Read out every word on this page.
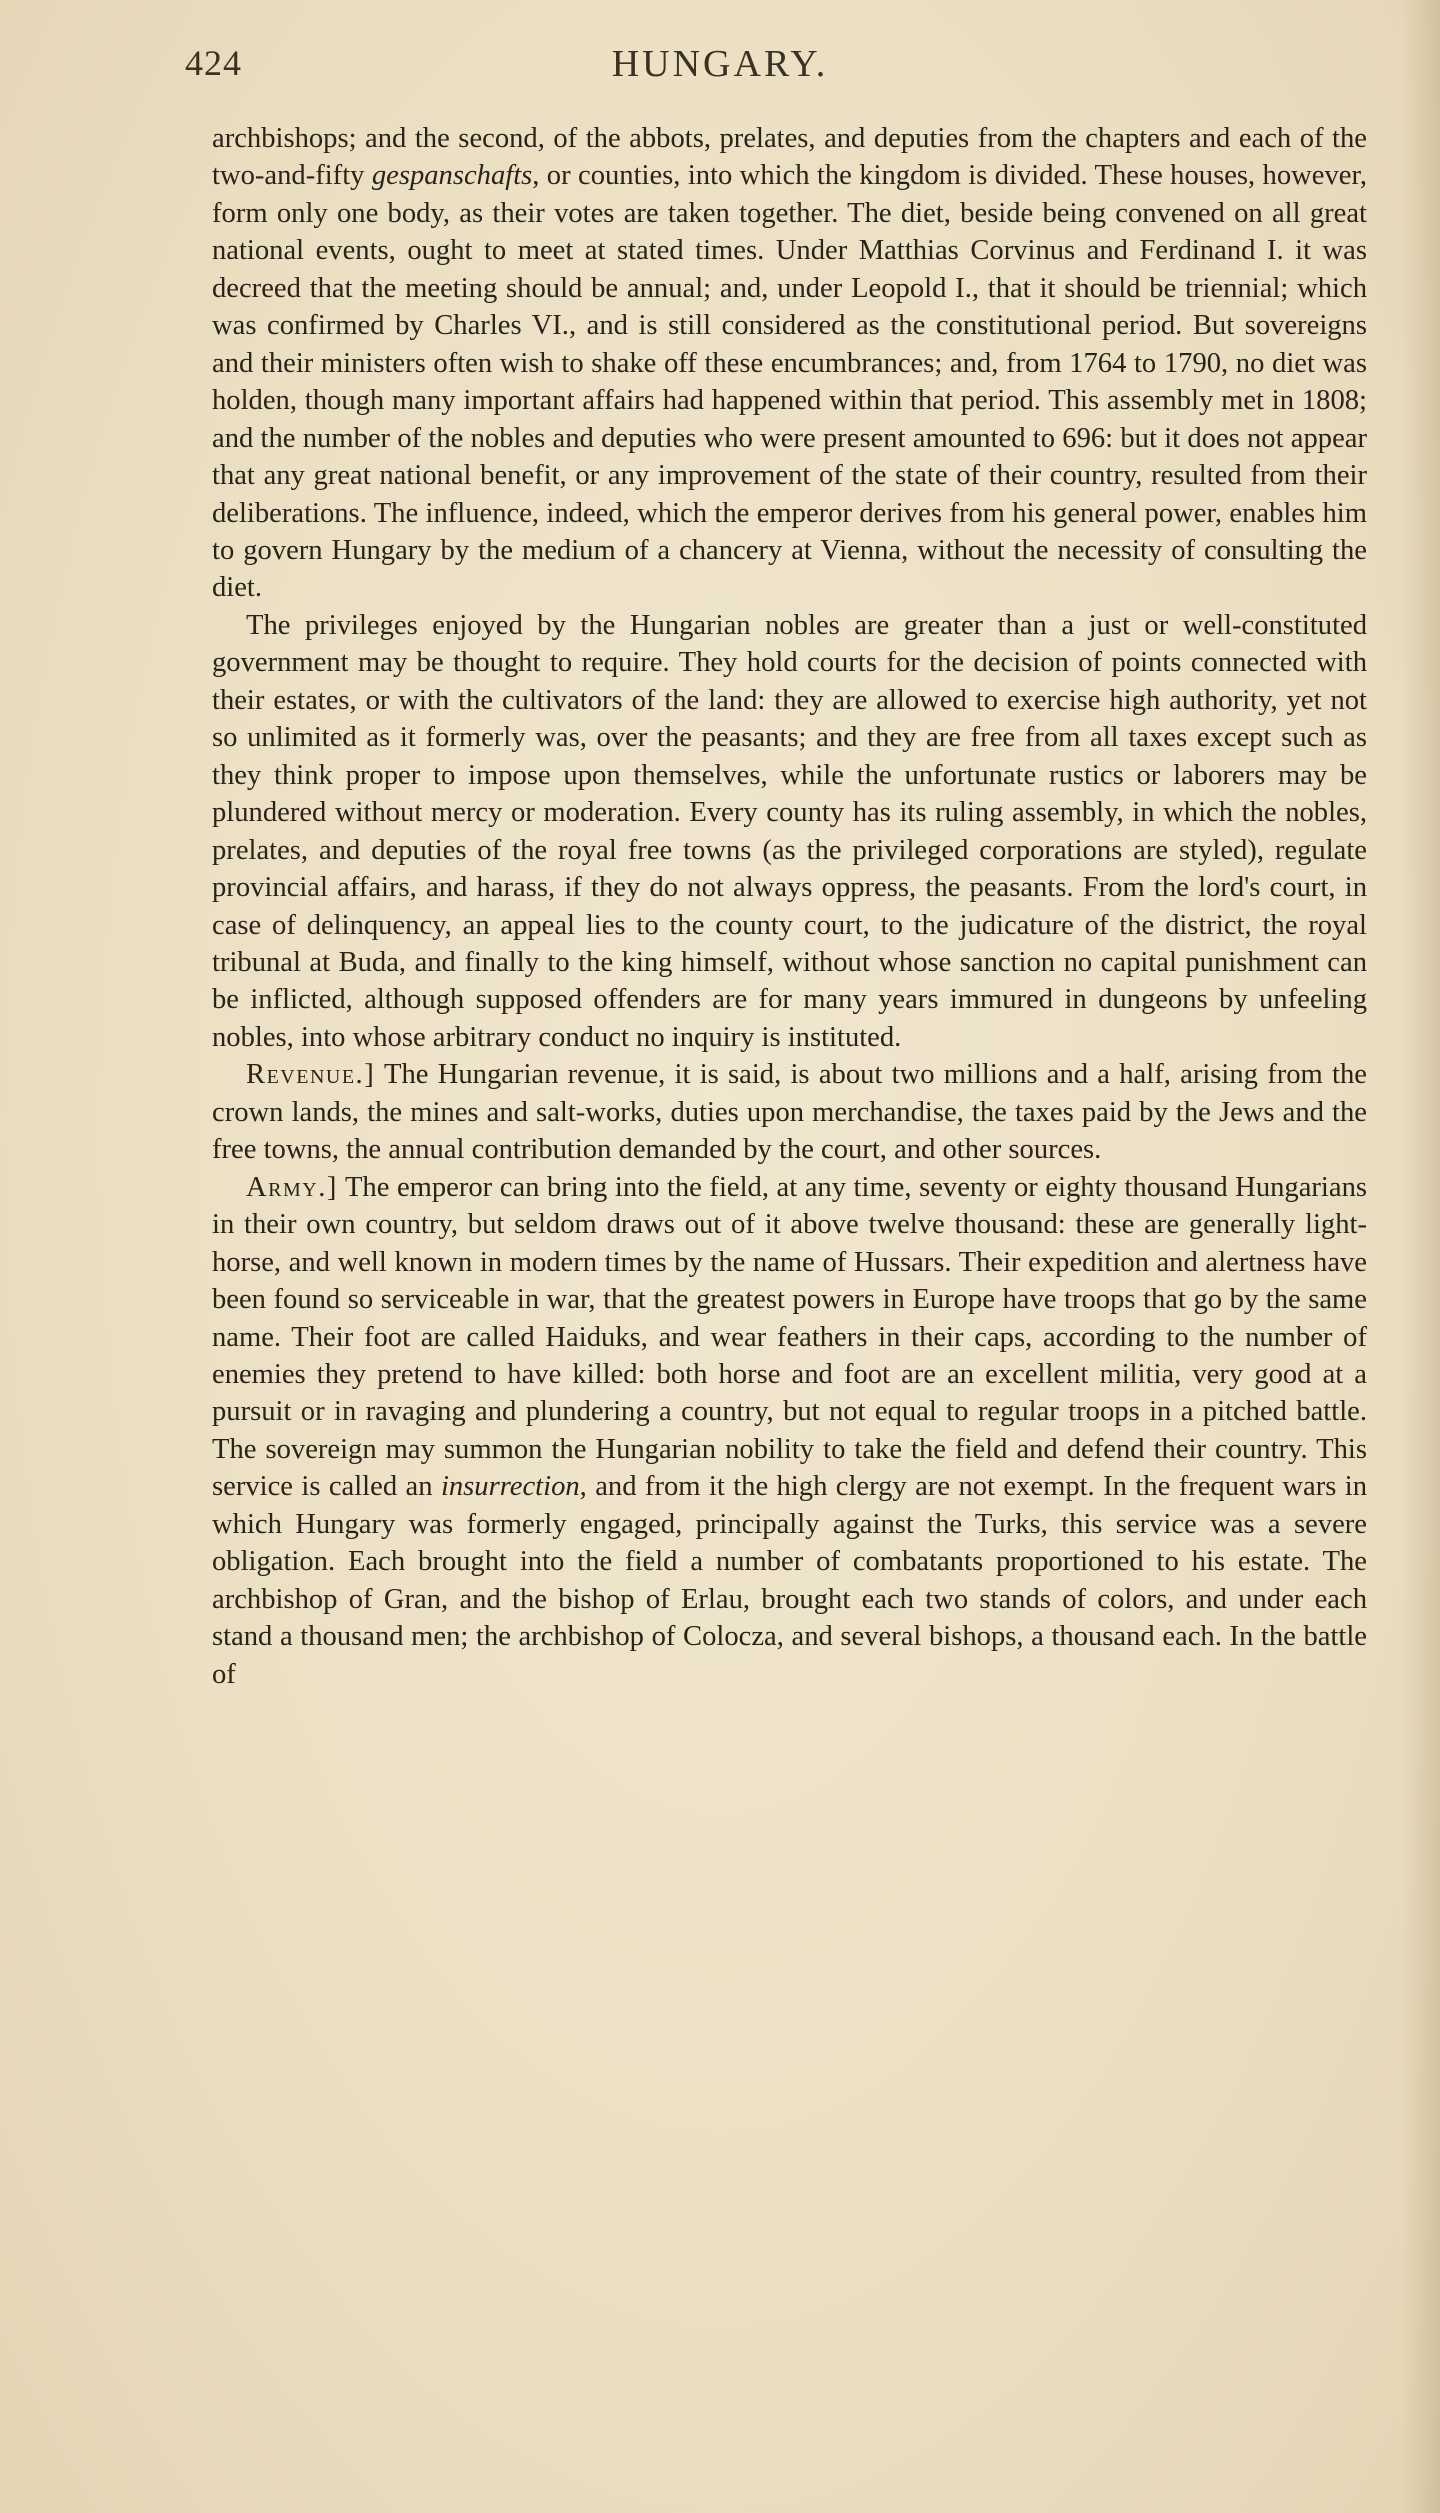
424	HUNGARY.

archbishops; and the second, of the abbots, prelates, and deputies from the chapters and each of the two-and-fifty gespanschafts, or counties, into which the kingdom is divided. These houses, however, form only one body, as their votes are taken together. The diet, beside being convened on all great national events, ought to meet at stated times. Under Matthias Corvinus and Ferdinand I. it was decreed that the meeting should be annual; and, under Leopold I., that it should be triennial; which was confirmed by Charles VI., and is still considered as the constitutional period. But sovereigns and their ministers often wish to shake off these encumbrances; and, from 1764 to 1790, no diet was holden, though many important affairs had happened within that period. This assembly met in 1808; and the number of the nobles and deputies who were present amounted to 696: but it does not appear that any great national benefit, or any improvement of the state of their country, resulted from their deliberations. The influence, indeed, which the emperor derives from his general power, enables him to govern Hungary by the medium of a chancery at Vienna, without the necessity of consulting the diet.

The privileges enjoyed by the Hungarian nobles are greater than a just or well-constituted government may be thought to require. They hold courts for the decision of points connected with their estates, or with the cultivators of the land: they are allowed to exercise high authority, yet not so unlimited as it formerly was, over the peasants; and they are free from all taxes except such as they think proper to impose upon themselves, while the unfortunate rustics or laborers may be plundered without mercy or moderation. Every county has its ruling assembly, in which the nobles, prelates, and deputies of the royal free towns (as the privileged corporations are styled), regulate provincial affairs, and harass, if they do not always oppress, the peasants. From the lord's court, in case of delinquency, an appeal lies to the county court, to the judicature of the district, the royal tribunal at Buda, and finally to the king himself, without whose sanction no capital punishment can be inflicted, although supposed offenders are for many years immured in dungeons by unfeeling nobles, into whose arbitrary conduct no inquiry is instituted.

Revenue.] The Hungarian revenue, it is said, is about two millions and a half, arising from the crown lands, the mines and salt-works, duties upon merchandise, the taxes paid by the Jews and the free towns, the annual contribution demanded by the court, and other sources.

Army.] The emperor can bring into the field, at any time, seventy or eighty thousand Hungarians in their own country, but seldom draws out of it above twelve thousand: these are generally light-horse, and well known in modern times by the name of Hussars. Their expedition and alertness have been found so serviceable in war, that the greatest powers in Europe have troops that go by the same name. Their foot are called Haiduks, and wear feathers in their caps, according to the number of enemies they pretend to have killed: both horse and foot are an excellent militia, very good at a pursuit or in ravaging and plundering a country, but not equal to regular troops in a pitched battle. The sovereign may summon the Hungarian nobility to take the field and defend their country. This service is called an insurrection, and from it the high clergy are not exempt. In the frequent wars in which Hungary was formerly engaged, principally against the Turks, this service was a severe obligation. Each brought into the field a number of combatants proportioned to his estate. The archbishop of Gran, and the bishop of Erlau, brought each two stands of colors, and under each stand a thousand men; the archbishop of Colocza, and several bishops, a thousand each. In the battle of
